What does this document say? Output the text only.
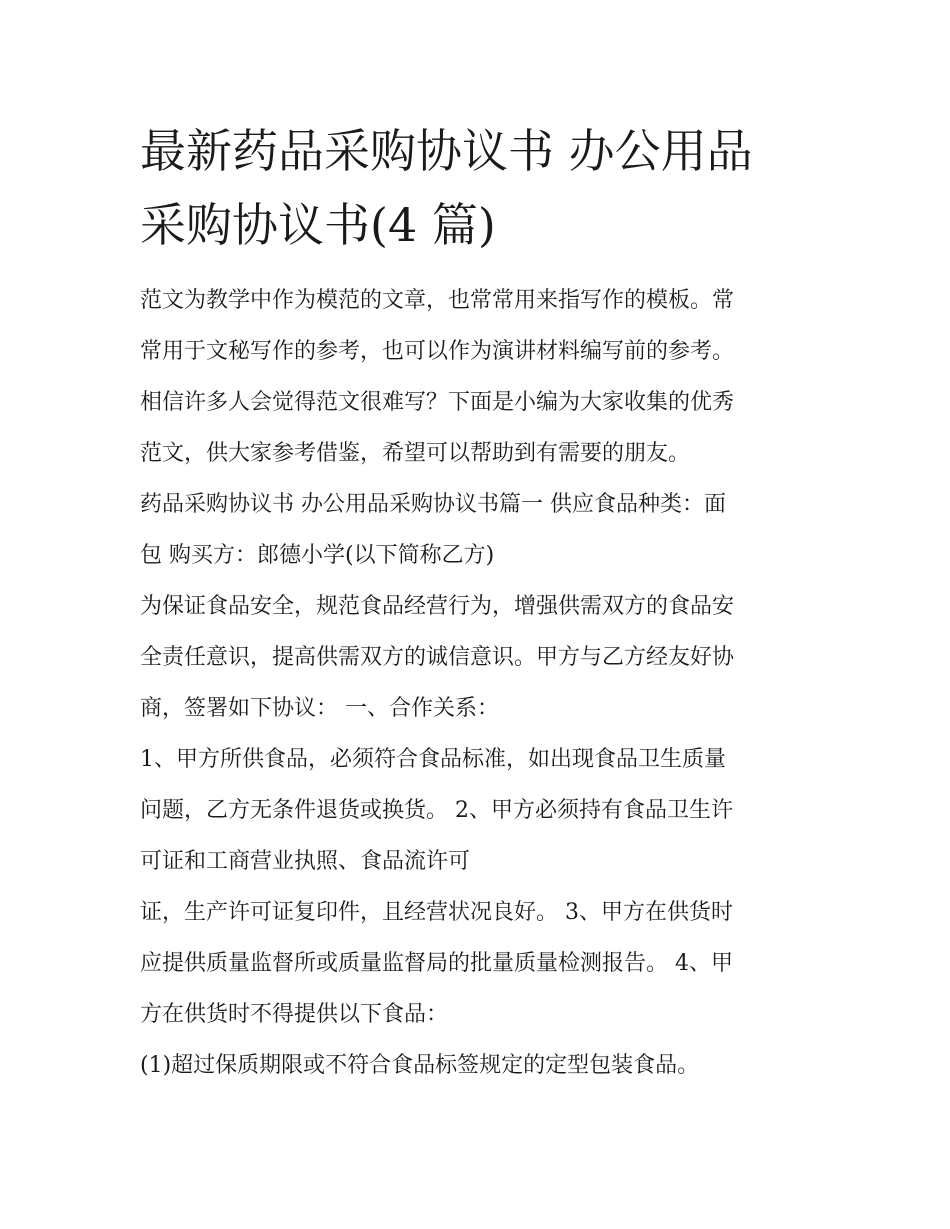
最新药品采购协议书 办公用品
采购协议书(4 篇)
范文为教学中作为模范的文章，也常常用来指写作的模板。常
常用于文秘写作的参考，也可以作为演讲材料编写前的参考。
相信许多人会觉得范文很难写？下面是小编为大家收集的优秀
范文，供大家参考借鉴，希望可以帮助到有需要的朋友。
药品采购协议书 办公用品采购协议书篇一 供应食品种类：面
包 购买方：郎德小学(以下简称乙方)
为保证食品安全，规范食品经营行为，增强供需双方的食品安
全责任意识，提高供需双方的诚信意识。甲方与乙方经友好协
商，签署如下协议： 一、合作关系：
1、甲方所供食品，必须符合食品标准，如出现食品卫生质量
问题，乙方无条件退货或换货。 2、甲方必须持有食品卫生许
可证和工商营业执照、食品流许可
证，生产许可证复印件，且经营状况良好。 3、甲方在供货时
应提供质量监督所或质量监督局的批量质量检测报告。 4、甲
方在供货时不得提供以下食品：
(1)超过保质期限或不符合食品标签规定的定型包装食品。
